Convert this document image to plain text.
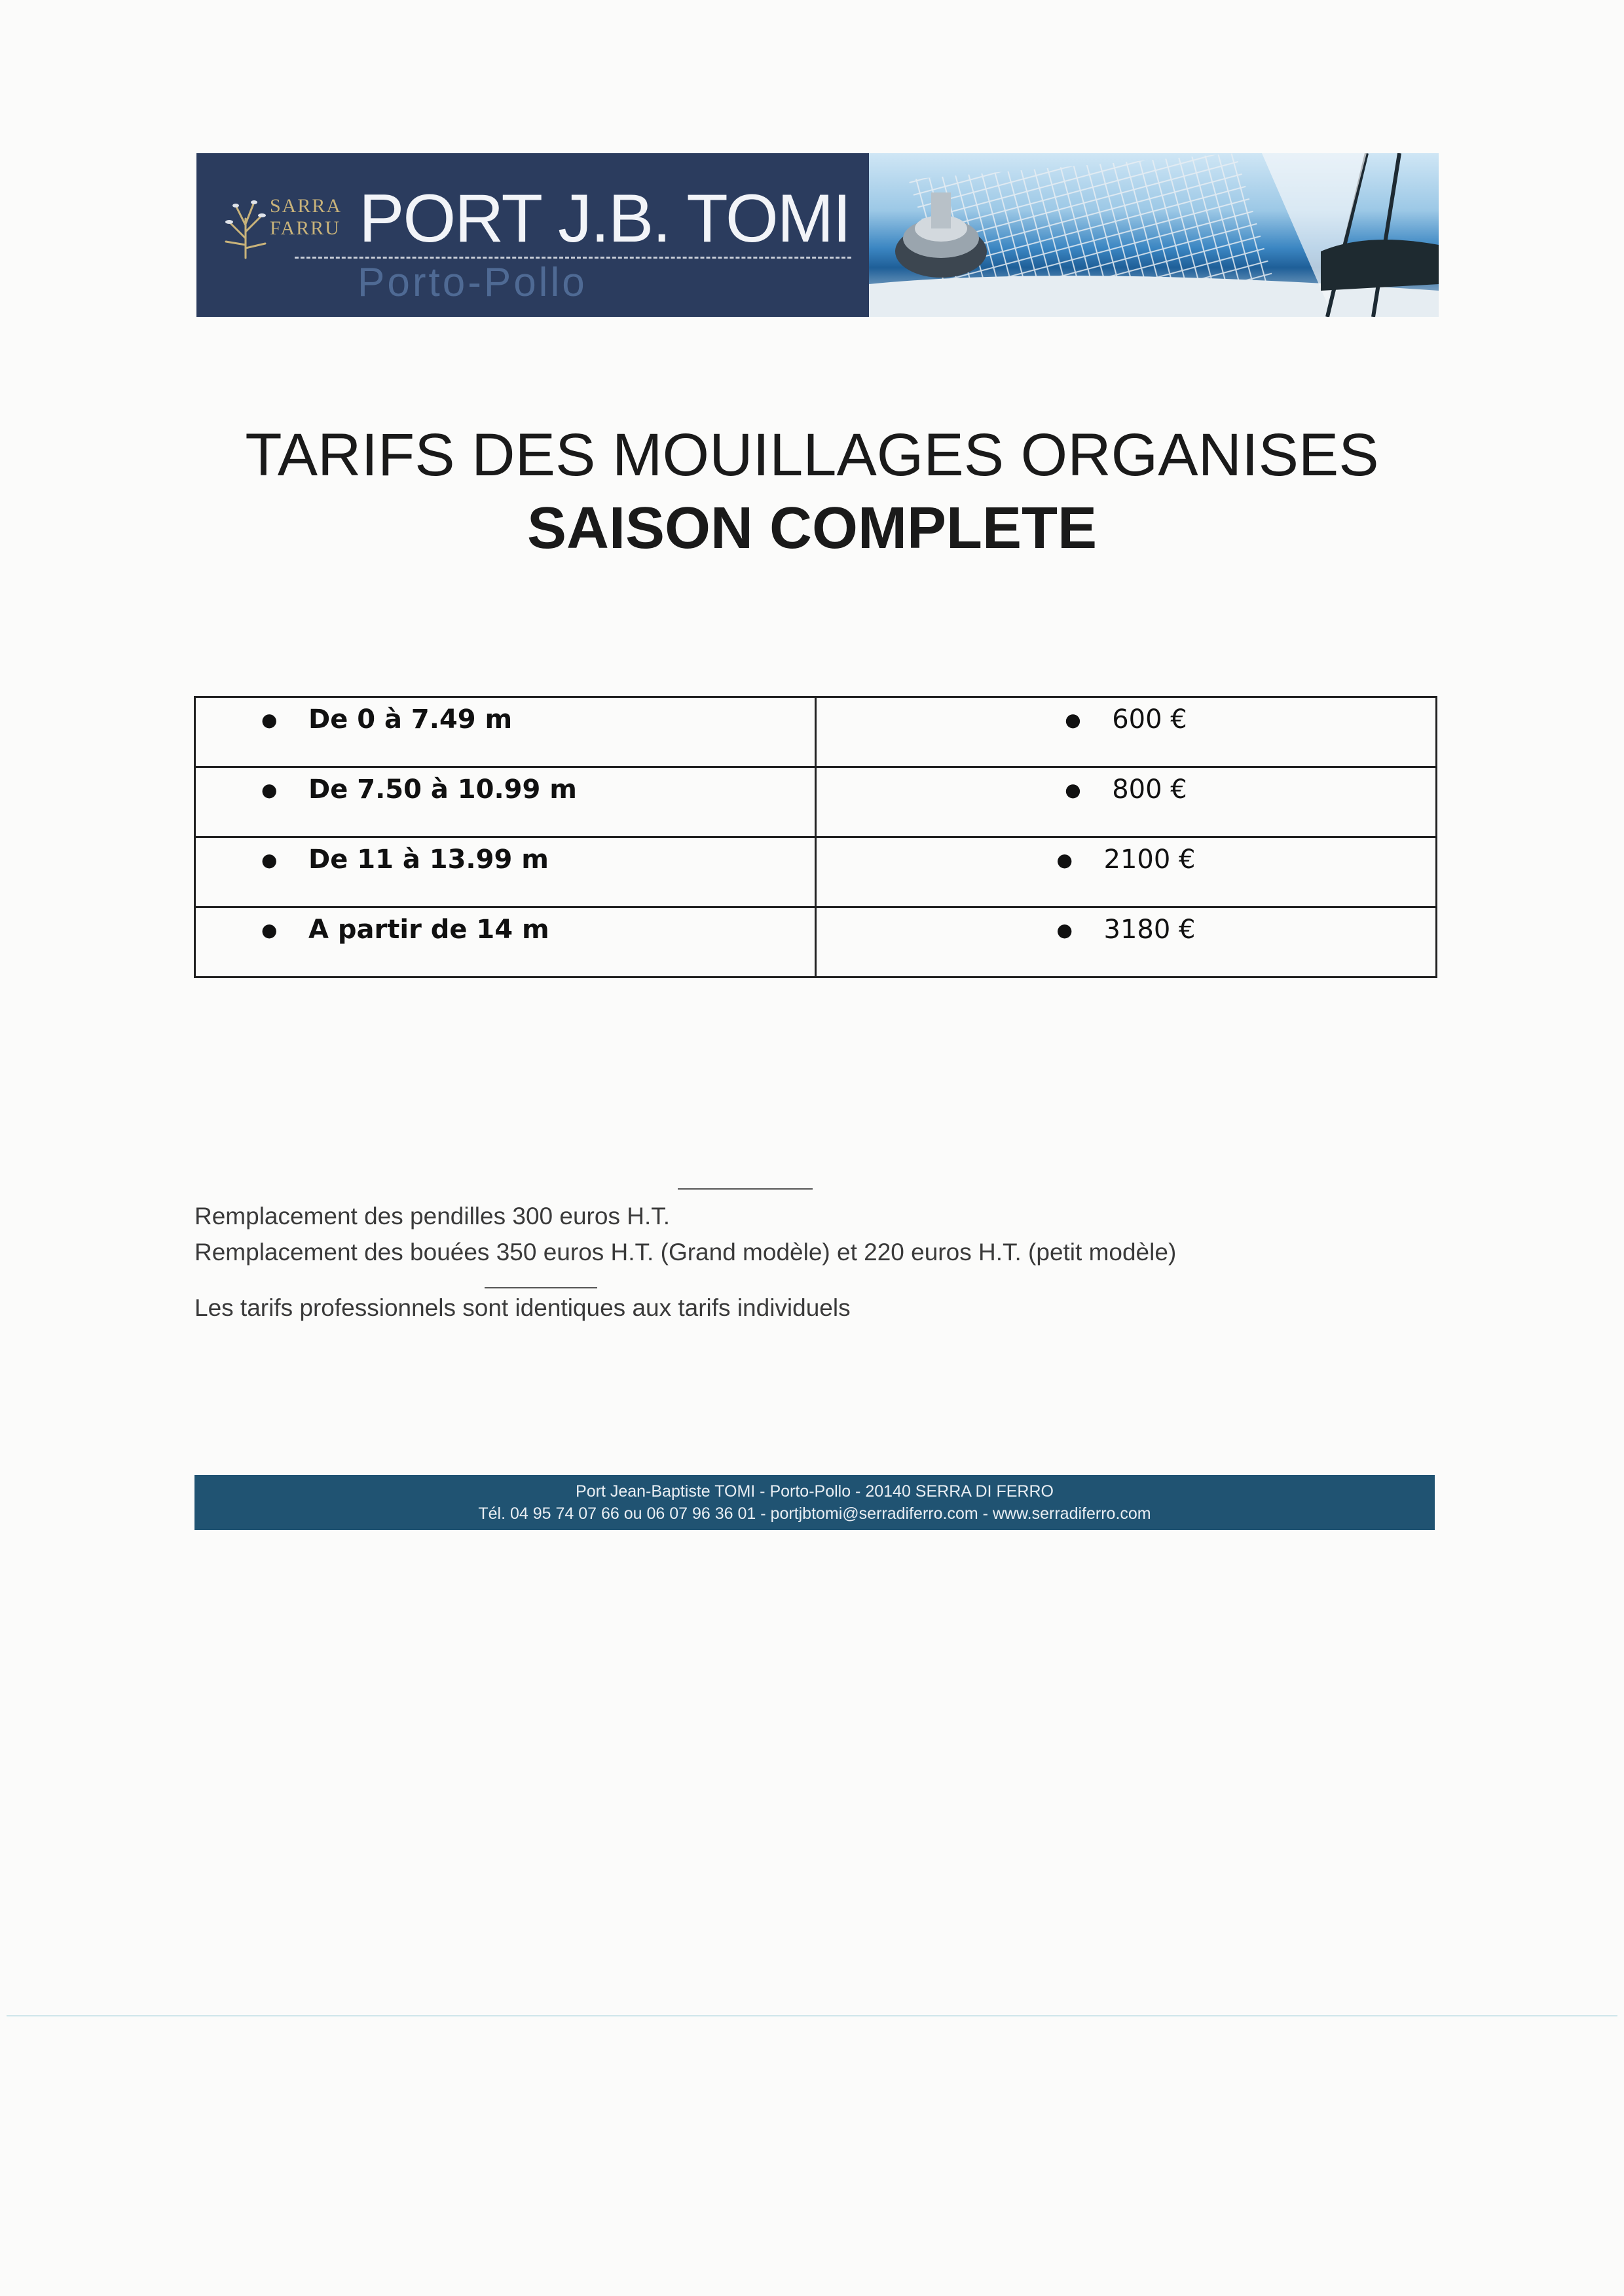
SARRA
FARRU PORT J.B. TOMI
Porto-Pollo
TARIFS DES MOUILLAGES ORGANISES
SAISON COMPLETE
● De 0 à 7.49 m	● 600 €

● De 7.50 à 10.99 m	● 800 €

● De 11 à 13.99 m	● 2100 €

● A partir de 14 m	● 3180 €
Remplacement des pendilles 300 euros H.T.
Remplacement des bouées 350 euros H.T. (Grand modèle) et 220 euros H.T. (petit modèle)
Les tarifs professionnels sont identiques aux tarifs individuels
Port Jean-Baptiste TOMI - Porto-Pollo - 20140 SERRA DI FERRO
Tél. 04 95 74 07 66 ou 06 07 96 36 01 - portjbtomi@serradiferro.com - www.serradiferro.com
